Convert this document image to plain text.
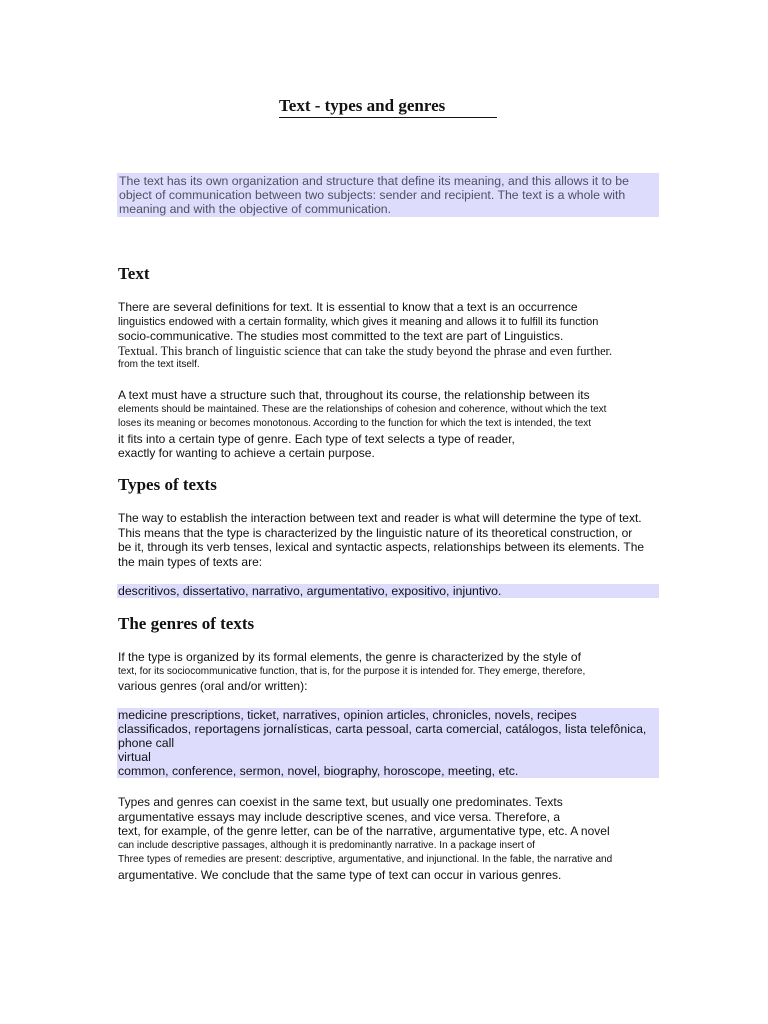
Text - types and genres
The text has its own organization and structure that define its meaning, and this allows it to be object of communication between two subjects: sender and recipient. The text is a whole with meaning and with the objective of communication.
Text
There are several definitions for text. It is essential to know that a text is an occurrence
linguistics endowed with a certain formality, which gives it meaning and allows it to fulfill its function
socio-communicative. The studies most committed to the text are part of Linguistics.
Textual. This branch of linguistic science that can take the study beyond the phrase and even further.
from the text itself.
A text must have a structure such that, throughout its course, the relationship between its
elements should be maintained. These are the relationships of cohesion and coherence, without which the text
loses its meaning or becomes monotonous. According to the function for which the text is intended, the text
it fits into a certain type of genre. Each type of text selects a type of reader,
exactly for wanting to achieve a certain purpose.
Types of texts
The way to establish the interaction between text and reader is what will determine the type of text.
This means that the type is characterized by the linguistic nature of its theoretical construction, or
be it, through its verb tenses, lexical and syntactic aspects, relationships between its elements. The
the main types of texts are:
descritivos, dissertativo, narrativo, argumentativo, expositivo, injuntivo.
The genres of texts
If the type is organized by its formal elements, the genre is characterized by the style of
text, for its sociocommunicative function, that is, for the purpose it is intended for. They emerge, therefore,
various genres (oral and/or written):
medicine prescriptions, ticket, narratives, opinion articles, chronicles, novels, recipes
classificados, reportagens jornalísticas, carta pessoal, carta comercial, catálogos, lista telefônica,
phone call
virtual
common, conference, sermon, novel, biography, horoscope, meeting, etc.
Types and genres can coexist in the same text, but usually one predominates. Texts
argumentative essays may include descriptive scenes, and vice versa. Therefore, a
text, for example, of the genre letter, can be of the narrative, argumentative type, etc. A novel
can include descriptive passages, although it is predominantly narrative. In a package insert of
Three types of remedies are present: descriptive, argumentative, and injunctional. In the fable, the narrative and
argumentative. We conclude that the same type of text can occur in various genres.
